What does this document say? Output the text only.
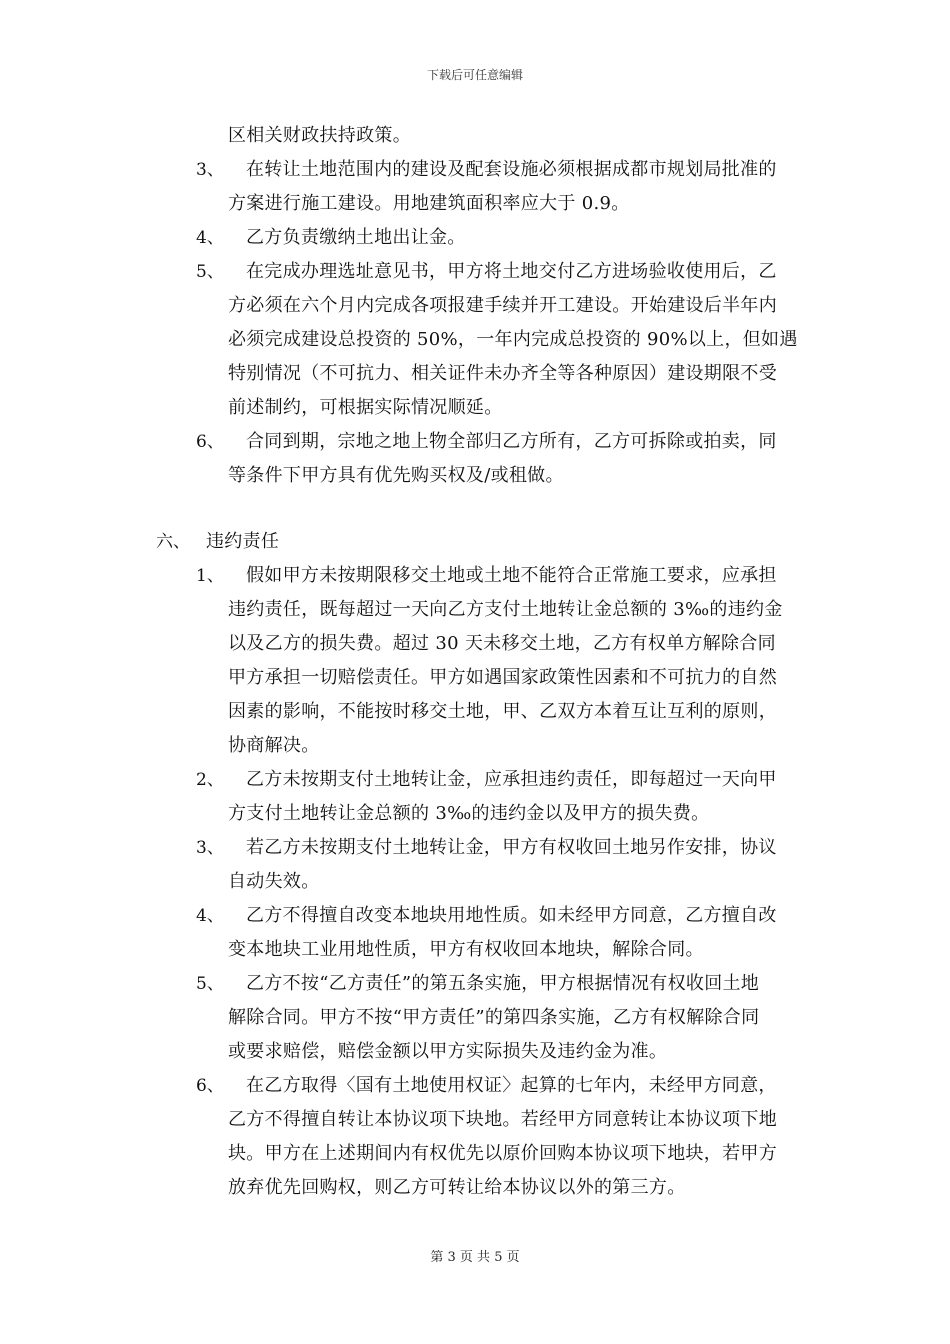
下载后可任意编辑
区相关财政扶持政策。
3、 在转让土地范围内的建设及配套设施必须根据成都市规划局批准的
方案进行施工建设。用地建筑面积率应大于 0.9。
4、 乙方负责缴纳土地出让金。
5、 在完成办理选址意见书，甲方将土地交付乙方进场验收使用后，乙
方必须在六个月内完成各项报建手续并开工建设。开始建设后半年内
必须完成建设总投资的 50%，一年内完成总投资的 90%以上，但如遇
特别情况（不可抗力、相关证件未办齐全等各种原因）建设期限不受
前述制约，可根据实际情况顺延。
6、 合同到期，宗地之地上物全部归乙方所有，乙方可拆除或拍卖，同
等条件下甲方具有优先购买权及/或租做。
六、 违约责任
1、 假如甲方未按期限移交土地或土地不能符合正常施工要求，应承担
违约责任，既每超过一天向乙方支付土地转让金总额的 3‰的违约金
以及乙方的损失费。超过 30 天未移交土地，乙方有权单方解除合同
甲方承担一切赔偿责任。甲方如遇国家政策性因素和不可抗力的自然
因素的影响，不能按时移交土地，甲、乙双方本着互让互利的原则，
协商解决。
2、 乙方未按期支付土地转让金，应承担违约责任，即每超过一天向甲
方支付土地转让金总额的 3‰的违约金以及甲方的损失费。
3、 若乙方未按期支付土地转让金，甲方有权收回土地另作安排，协议
自动失效。
4、 乙方不得擅自改变本地块用地性质。如未经甲方同意，乙方擅自改
变本地块工业用地性质，甲方有权收回本地块，解除合同。
5、 乙方不按“乙方责任”的第五条实施，甲方根据情况有权收回土地
解除合同。甲方不按“甲方责任”的第四条实施，乙方有权解除合同
或要求赔偿，赔偿金额以甲方实际损失及违约金为准。
6、 在乙方取得〈国有土地使用权证〉起算的七年内，未经甲方同意，
乙方不得擅自转让本协议项下块地。若经甲方同意转让本协议项下地
块。甲方在上述期间内有权优先以原价回购本协议项下地块，若甲方
放弃优先回购权，则乙方可转让给本协议以外的第三方。
第 3 页 共 5 页
